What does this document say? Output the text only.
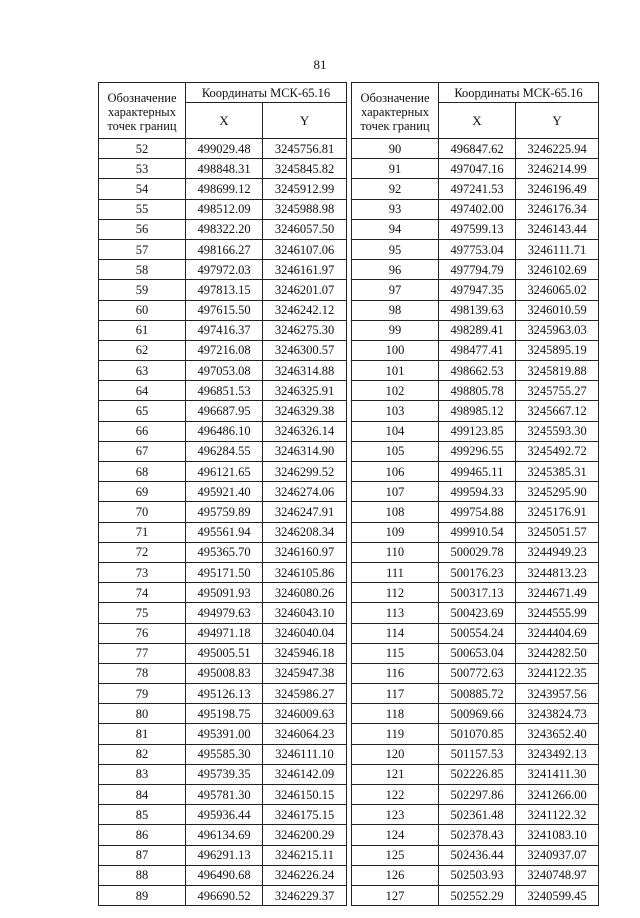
81
Обозначение характерных точек границ	Координаты МСК-65.16	
	X	Y
52	499029.48	3245756.81
53	498848.31	3245845.82
54	498699.12	3245912.99
55	498512.09	3245988.98
56	498322.20	3246057.50
57	498166.27	3246107.06
58	497972.03	3246161.97
59	497813.15	3246201.07
60	497615.50	3246242.12
61	497416.37	3246275.30
62	497216.08	3246300.57
63	497053.08	3246314.88
64	496851.53	3246325.91
65	496687.95	3246329.38
66	496486.10	3246326.14
67	496284.55	3246314.90
68	496121.65	3246299.52
69	495921.40	3246274.06
70	495759.89	3246247.91
71	495561.94	3246208.34
72	495365.70	3246160.97
73	495171.50	3246105.86
74	495091.93	3246080.26
75	494979.63	3246043.10
76	494971.18	3246040.04
77	495005.51	3245946.18
78	495008.83	3245947.38
79	495126.13	3245986.27
80	495198.75	3246009.63
81	495391.00	3246064.23
82	495585.30	3246111.10
83	495739.35	3246142.09
84	495781.30	3246150.15
85	495936.44	3246175.15
86	496134.69	3246200.29
87	496291.13	3246215.11
88	496490.68	3246226.24
89	496690.52	3246229.37
Обозначение характерных точек границ	Координаты МСК-65.16	
	X	Y
90	496847.62	3246225.94
91	497047.16	3246214.99
92	497241.53	3246196.49
93	497402.00	3246176.34
94	497599.13	3246143.44
95	497753.04	3246111.71
96	497794.79	3246102.69
97	497947.35	3246065.02
98	498139.63	3246010.59
99	498289.41	3245963.03
100	498477.41	3245895.19
101	498662.53	3245819.88
102	498805.78	3245755.27
103	498985.12	3245667.12
104	499123.85	3245593.30
105	499296.55	3245492.72
106	499465.11	3245385.31
107	499594.33	3245295.90
108	499754.88	3245176.91
109	499910.54	3245051.57
110	500029.78	3244949.23
111	500176.23	3244813.23
112	500317.13	3244671.49
113	500423.69	3244555.99
114	500554.24	3244404.69
115	500653.04	3244282.50
116	500772.63	3244122.35
117	500885.72	3243957.56
118	500969.66	3243824.73
119	501070.85	3243652.40
120	501157.53	3243492.13
121	502226.85	3241411.30
122	502297.86	3241266.00
123	502361.48	3241122.32
124	502378.43	3241083.10
125	502436.44	3240937.07
126	502503.93	3240748.97
127	502552.29	3240599.45
